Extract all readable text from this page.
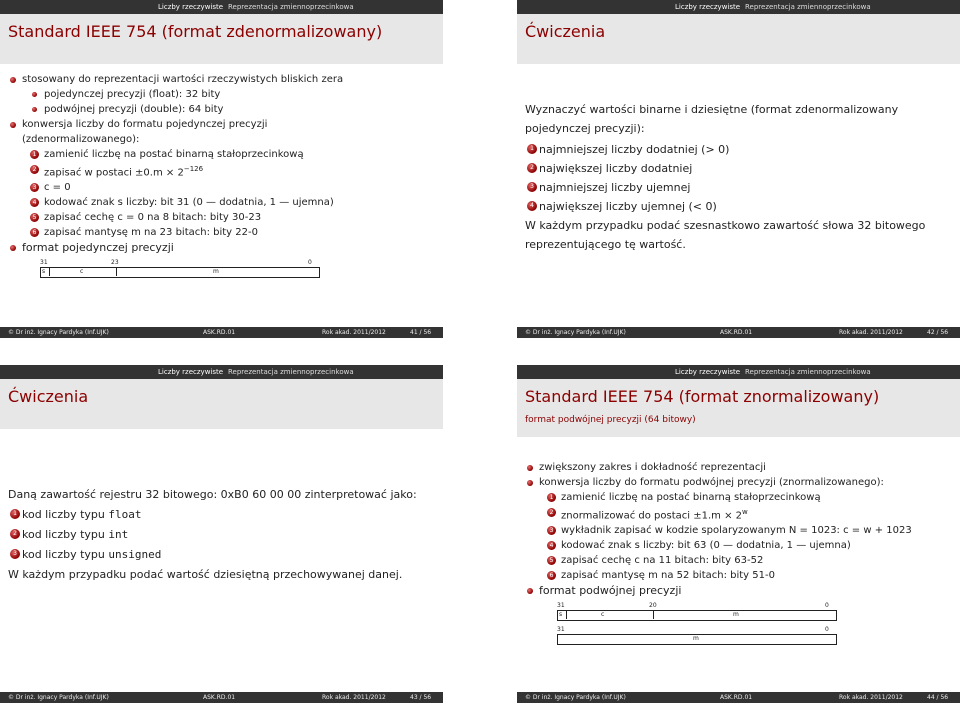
Liczby rzeczywiste Reprezentacja zmiennoprzecinkowa
Standard IEEE 754 (format zdenormalizowany)
stosowany do reprezentacji wartości rzeczywistych bliskich zera
pojedynczej precyzji (float): 32 bity
podwójnej precyzji (double): 64 bity
konwersja liczby do formatu pojedynczej precyzji (zdenormalizowanego):
1 zamienić liczbę na postać binarną stałoprzecinkową
2 zapisać w postaci $\pm 0.m \times 2^{-126}$
3 c = 0
4 kodować znak s liczby: bit 31 (0 — dodatnia, 1 — ujemna)
5 zapisać cechę c = 0 na 8 bitach: bity 30-23
6 zapisać mantysę m na 23 bitach: bity 22-0
format pojedynczej precyzji
31	23	0
s	c	m
© Dr inż. Ignacy Pardyka (Inf.UJK)	ASK.RD.01	Rok akad. 2011/2012	41 / 56
Liczby rzeczywiste Reprezentacja zmiennoprzecinkowa
Ćwiczenia
Wyznaczyć wartości binarne i dziesiętne (format zdenormalizowany pojedynczej precyzji):
1 najmniejszej liczby dodatniej (> 0)
2 największej liczby dodatniej
3 najmniejszej liczby ujemnej
4 największej liczby ujemnej (< 0)
W każdym przypadku podać szesnastkowo zawartość słowa 32 bitowego reprezentującego tę wartość.
© Dr inż. Ignacy Pardyka (Inf.UJK)	ASK.RD.01	Rok akad. 2011/2012	42 / 56
Liczby rzeczywiste Reprezentacja zmiennoprzecinkowa
Ćwiczenia
Daną zawartość rejestru 32 bitowego: 0xB0 60 00 00 zinterpretować jako:
1 kod liczby typu float
2 kod liczby typu int
3 kod liczby typu unsigned
W każdym przypadku podać wartość dziesiętną przechowywanej danej.
© Dr inż. Ignacy Pardyka (Inf.UJK)	ASK.RD.01	Rok akad. 2011/2012	43 / 56
Liczby rzeczywiste Reprezentacja zmiennoprzecinkowa
Standard IEEE 754 (format znormalizowany)
format podwójnej precyzji (64 bitowy)
zwiększony zakres i dokładność reprezentacji
konwersja liczby do formatu podwójnej precyzji (znormalizowanego):
1 zamienić liczbę na postać binarną stałoprzecinkową
2 znormalizować do postaci $\pm 1.m \times 2^w$
3 wykładnik zapisać w kodzie spolaryzowanym N = 1023: c = w + 1023
4 kodować znak s liczby: bit 63 (0 — dodatnia, 1 — ujemna)
5 zapisać cechę c na 11 bitach: bity 63-52
6 zapisać mantysę m na 52 bitach: bity 51-0
format podwójnej precyzji
31	20	0
s	c	m
31	0
m
© Dr inż. Ignacy Pardyka (Inf.UJK)	ASK.RD.01	Rok akad. 2011/2012	44 / 56
